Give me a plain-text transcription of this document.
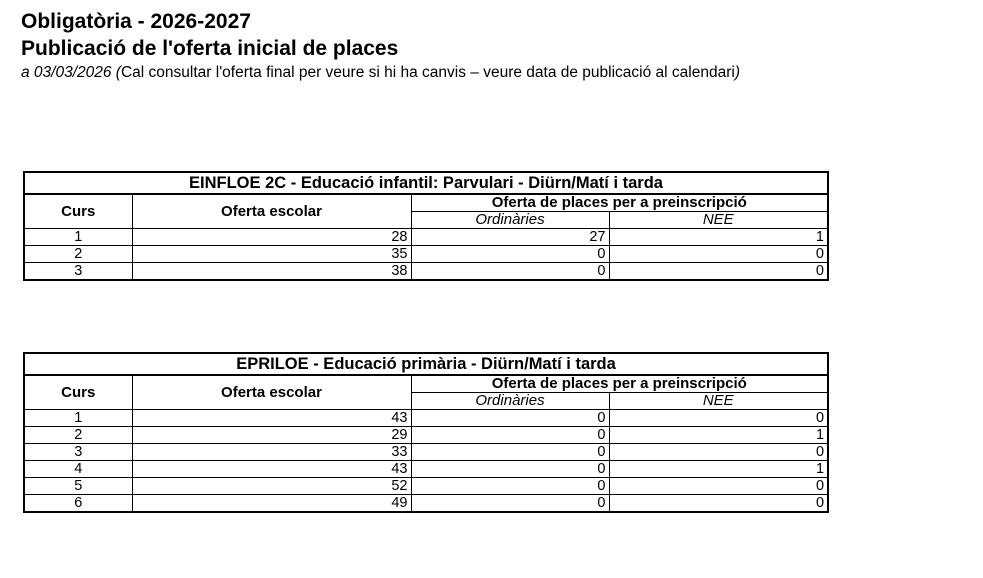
Obligatòria - 2026-2027

Publicació de l'oferta inicial de places

a 03/03/2026 (Cal consultar l'oferta final per veure si hi ha canvis – veure data de publicació al calendari)

EINFLOE 2C - Educació infantil: Parvulari - Diürn/Matí i tarda			
Curs	Oferta escolar	Oferta de places per a preinscripció	
		Ordinàries	NEE
1	28	27	1
2	35	0	0
3	38	0	0
EPRILOE - Educació primària - Diürn/Matí i tarda			
Curs	Oferta escolar	Oferta de places per a preinscripció	
		Ordinàries	NEE
1	43	0	0
2	29	0	1
3	33	0	0
4	43	0	1
5	52	0	0
6	49	0	0
